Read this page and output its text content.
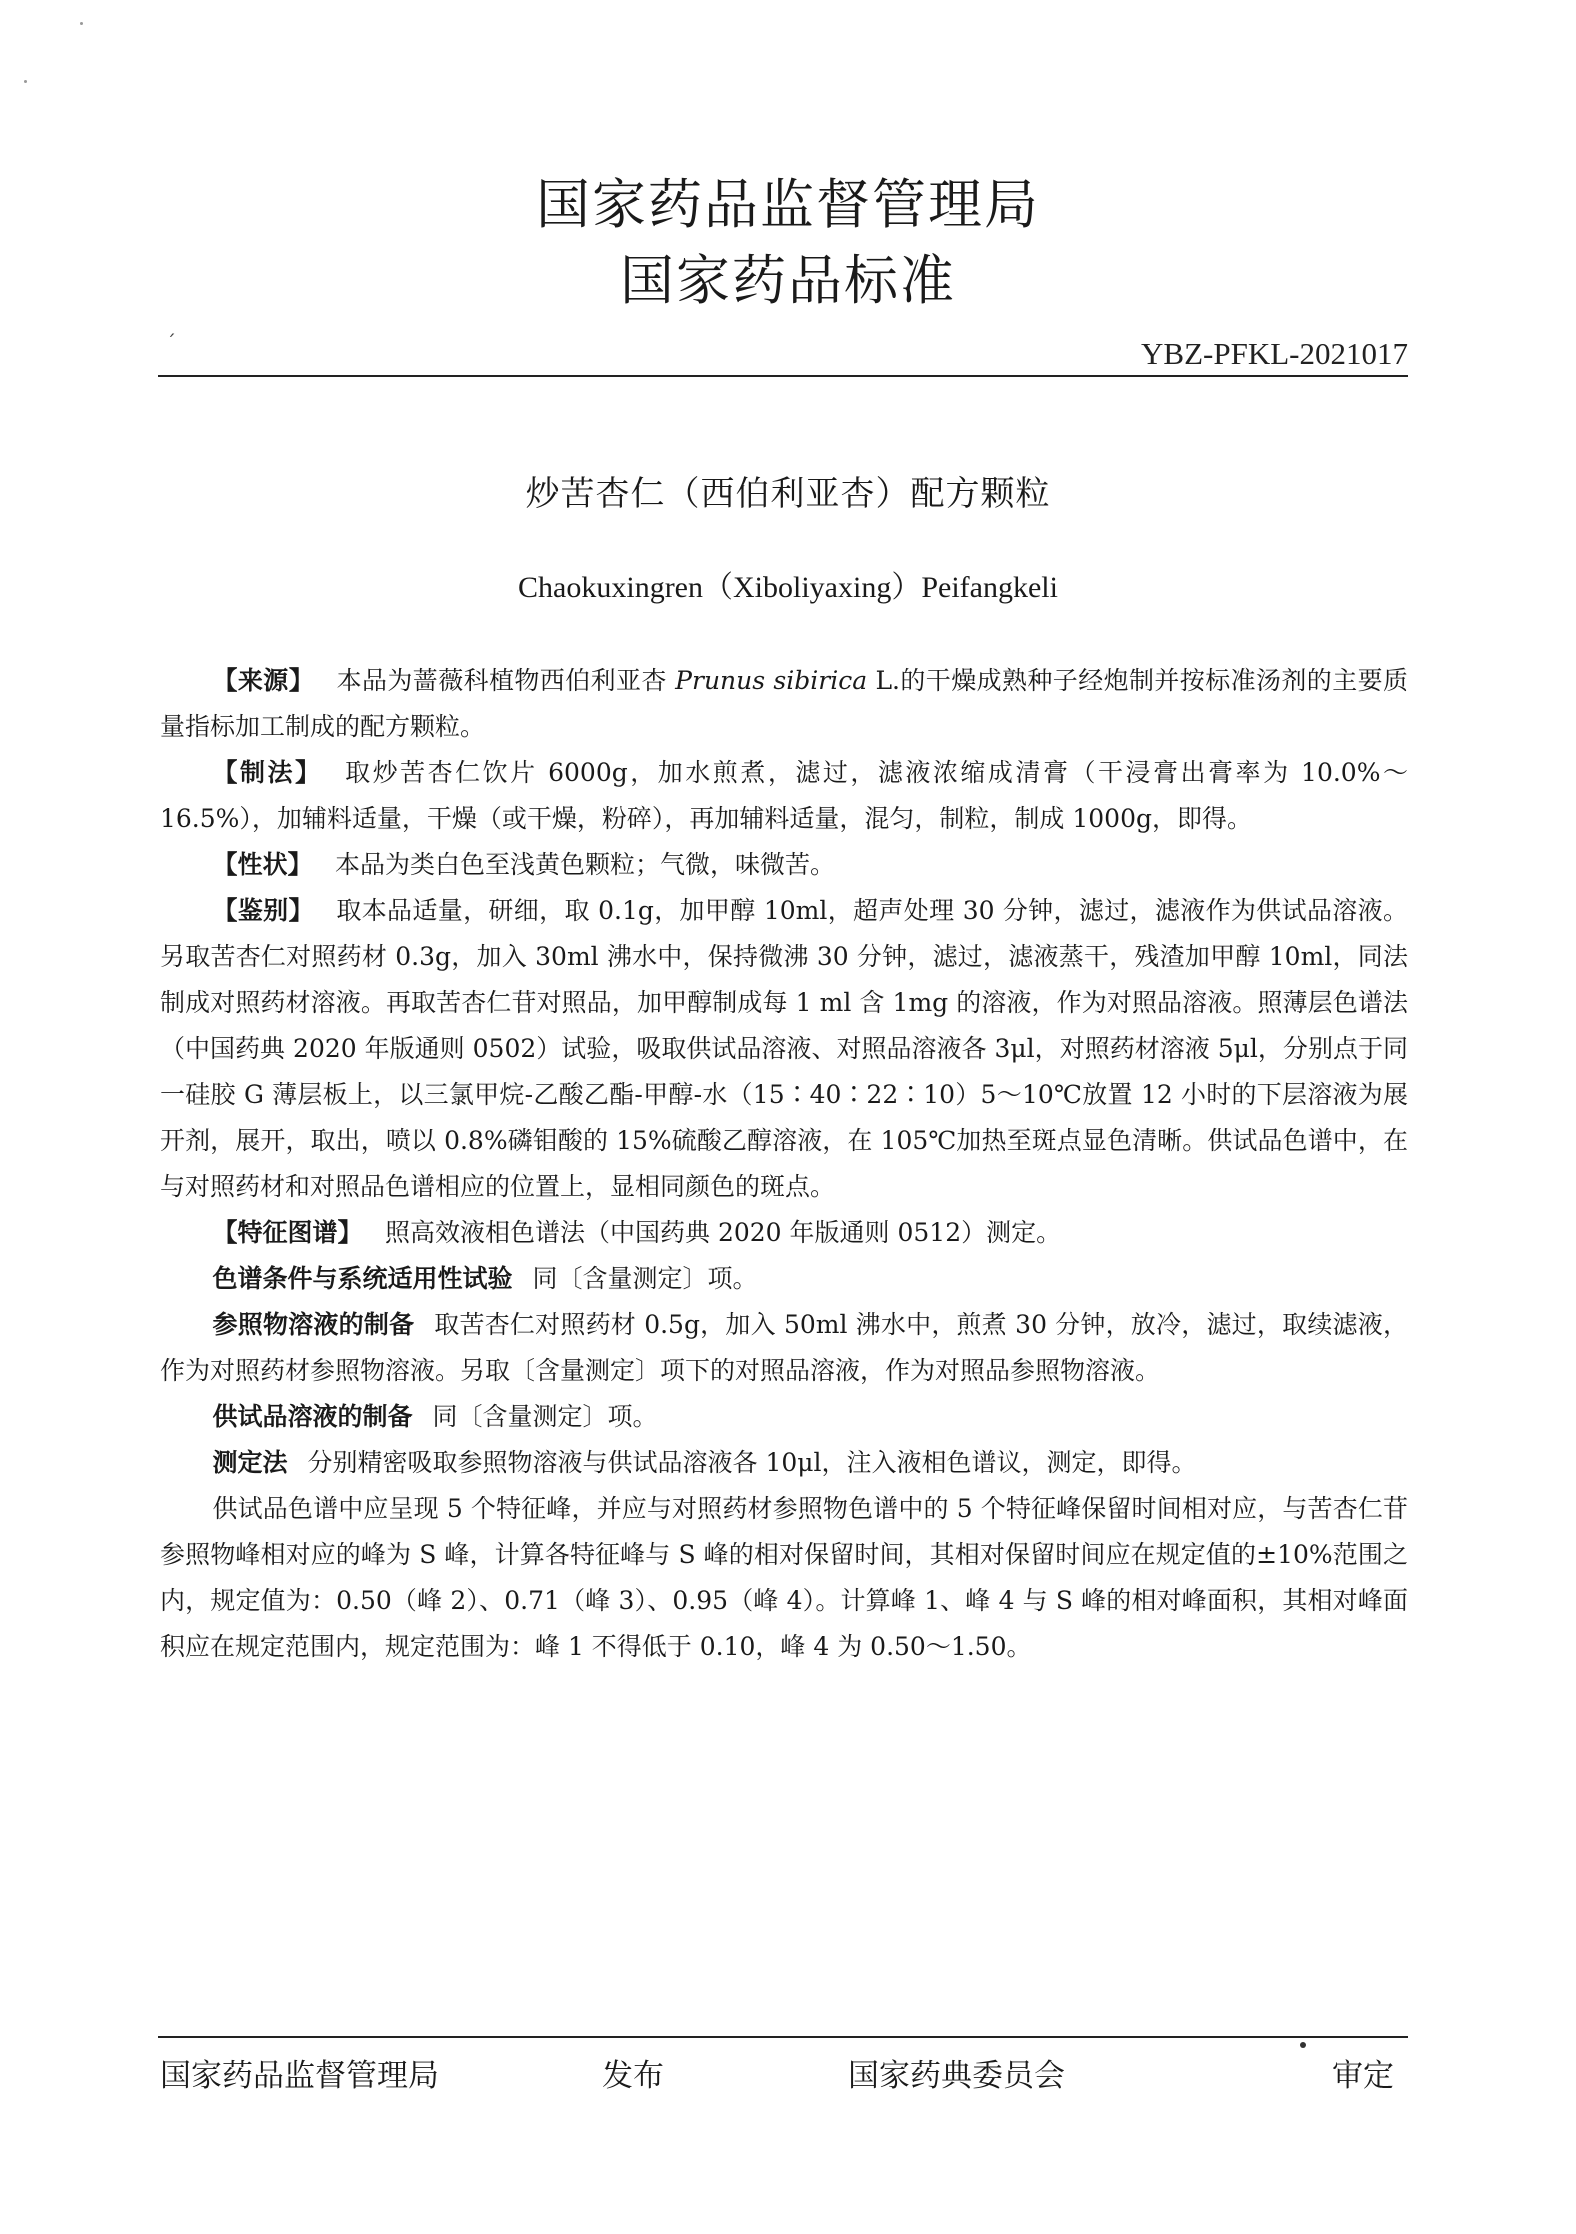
国家药品监督管理局
国家药品标准
ˊ	YBZ-PFKL-2021017
炒苦杏仁（西伯利亚杏）配方颗粒
Chaokuxingren（Xiboliyaxing）Peifangkeli

【来源】 本品为蔷薇科植物西伯利亚杏 Prunus sibirica L.的干燥成熟种子经炮制并按标准汤剂的主要质量指标加工制成的配方颗粒。

【制法】 取炒苦杏仁饮片 6000g，加水煎煮，滤过，滤液浓缩成清膏（干浸膏出膏率为 10.0%～16.5%），加辅料适量，干燥（或干燥，粉碎），再加辅料适量，混匀，制粒，制成 1000g，即得。

【性状】 本品为类白色至浅黄色颗粒；气微，味微苦。

【鉴别】 取本品适量，研细，取 0.1g，加甲醇 10ml，超声处理 30 分钟，滤过，滤液作为供试品溶液。另取苦杏仁对照药材 0.3g，加入 30ml 沸水中，保持微沸 30 分钟，滤过，滤液蒸干，残渣加甲醇 10ml，同法制成对照药材溶液。再取苦杏仁苷对照品，加甲醇制成每 1 ml 含 1mg 的溶液，作为对照品溶液。照薄层色谱法（中国药典 2020 年版通则 0502）试验，吸取供试品溶液、对照品溶液各 3μl，对照药材溶液 5μl，分别点于同一硅胶 G 薄层板上，以三氯甲烷-乙酸乙酯-甲醇-水（15∶40∶22∶10）5～10℃放置 12 小时的下层溶液为展开剂，展开，取出，喷以 0.8%磷钼酸的 15%硫酸乙醇溶液，在 105℃加热至斑点显色清晰。供试品色谱中，在与对照药材和对照品色谱相应的位置上，显相同颜色的斑点。

【特征图谱】 照高效液相色谱法（中国药典 2020 年版通则 0512）测定。

色谱条件与系统适用性试验 同〔含量测定〕项。

参照物溶液的制备 取苦杏仁对照药材 0.5g，加入 50ml 沸水中，煎煮 30 分钟，放冷，滤过，取续滤液，作为对照药材参照物溶液。另取〔含量测定〕项下的对照品溶液，作为对照品参照物溶液。

供试品溶液的制备 同〔含量测定〕项。

测定法 分别精密吸取参照物溶液与供试品溶液各 10μl，注入液相色谱议，测定，即得。

供试品色谱中应呈现 5 个特征峰，并应与对照药材参照物色谱中的 5 个特征峰保留时间相对应，与苦杏仁苷参照物峰相对应的峰为 S 峰，计算各特征峰与 S 峰的相对保留时间，其相对保留时间应在规定值的±10%范围之内，规定值为：0.50（峰 2）、0.71（峰 3）、0.95（峰 4）。计算峰 1、峰 4 与 S 峰的相对峰面积，其相对峰面积应在规定范围内，规定范围为：峰 1 不得低于 0.10，峰 4 为 0.50～1.50。

国家药品监督管理局	发布	国家药典委员会	审定
